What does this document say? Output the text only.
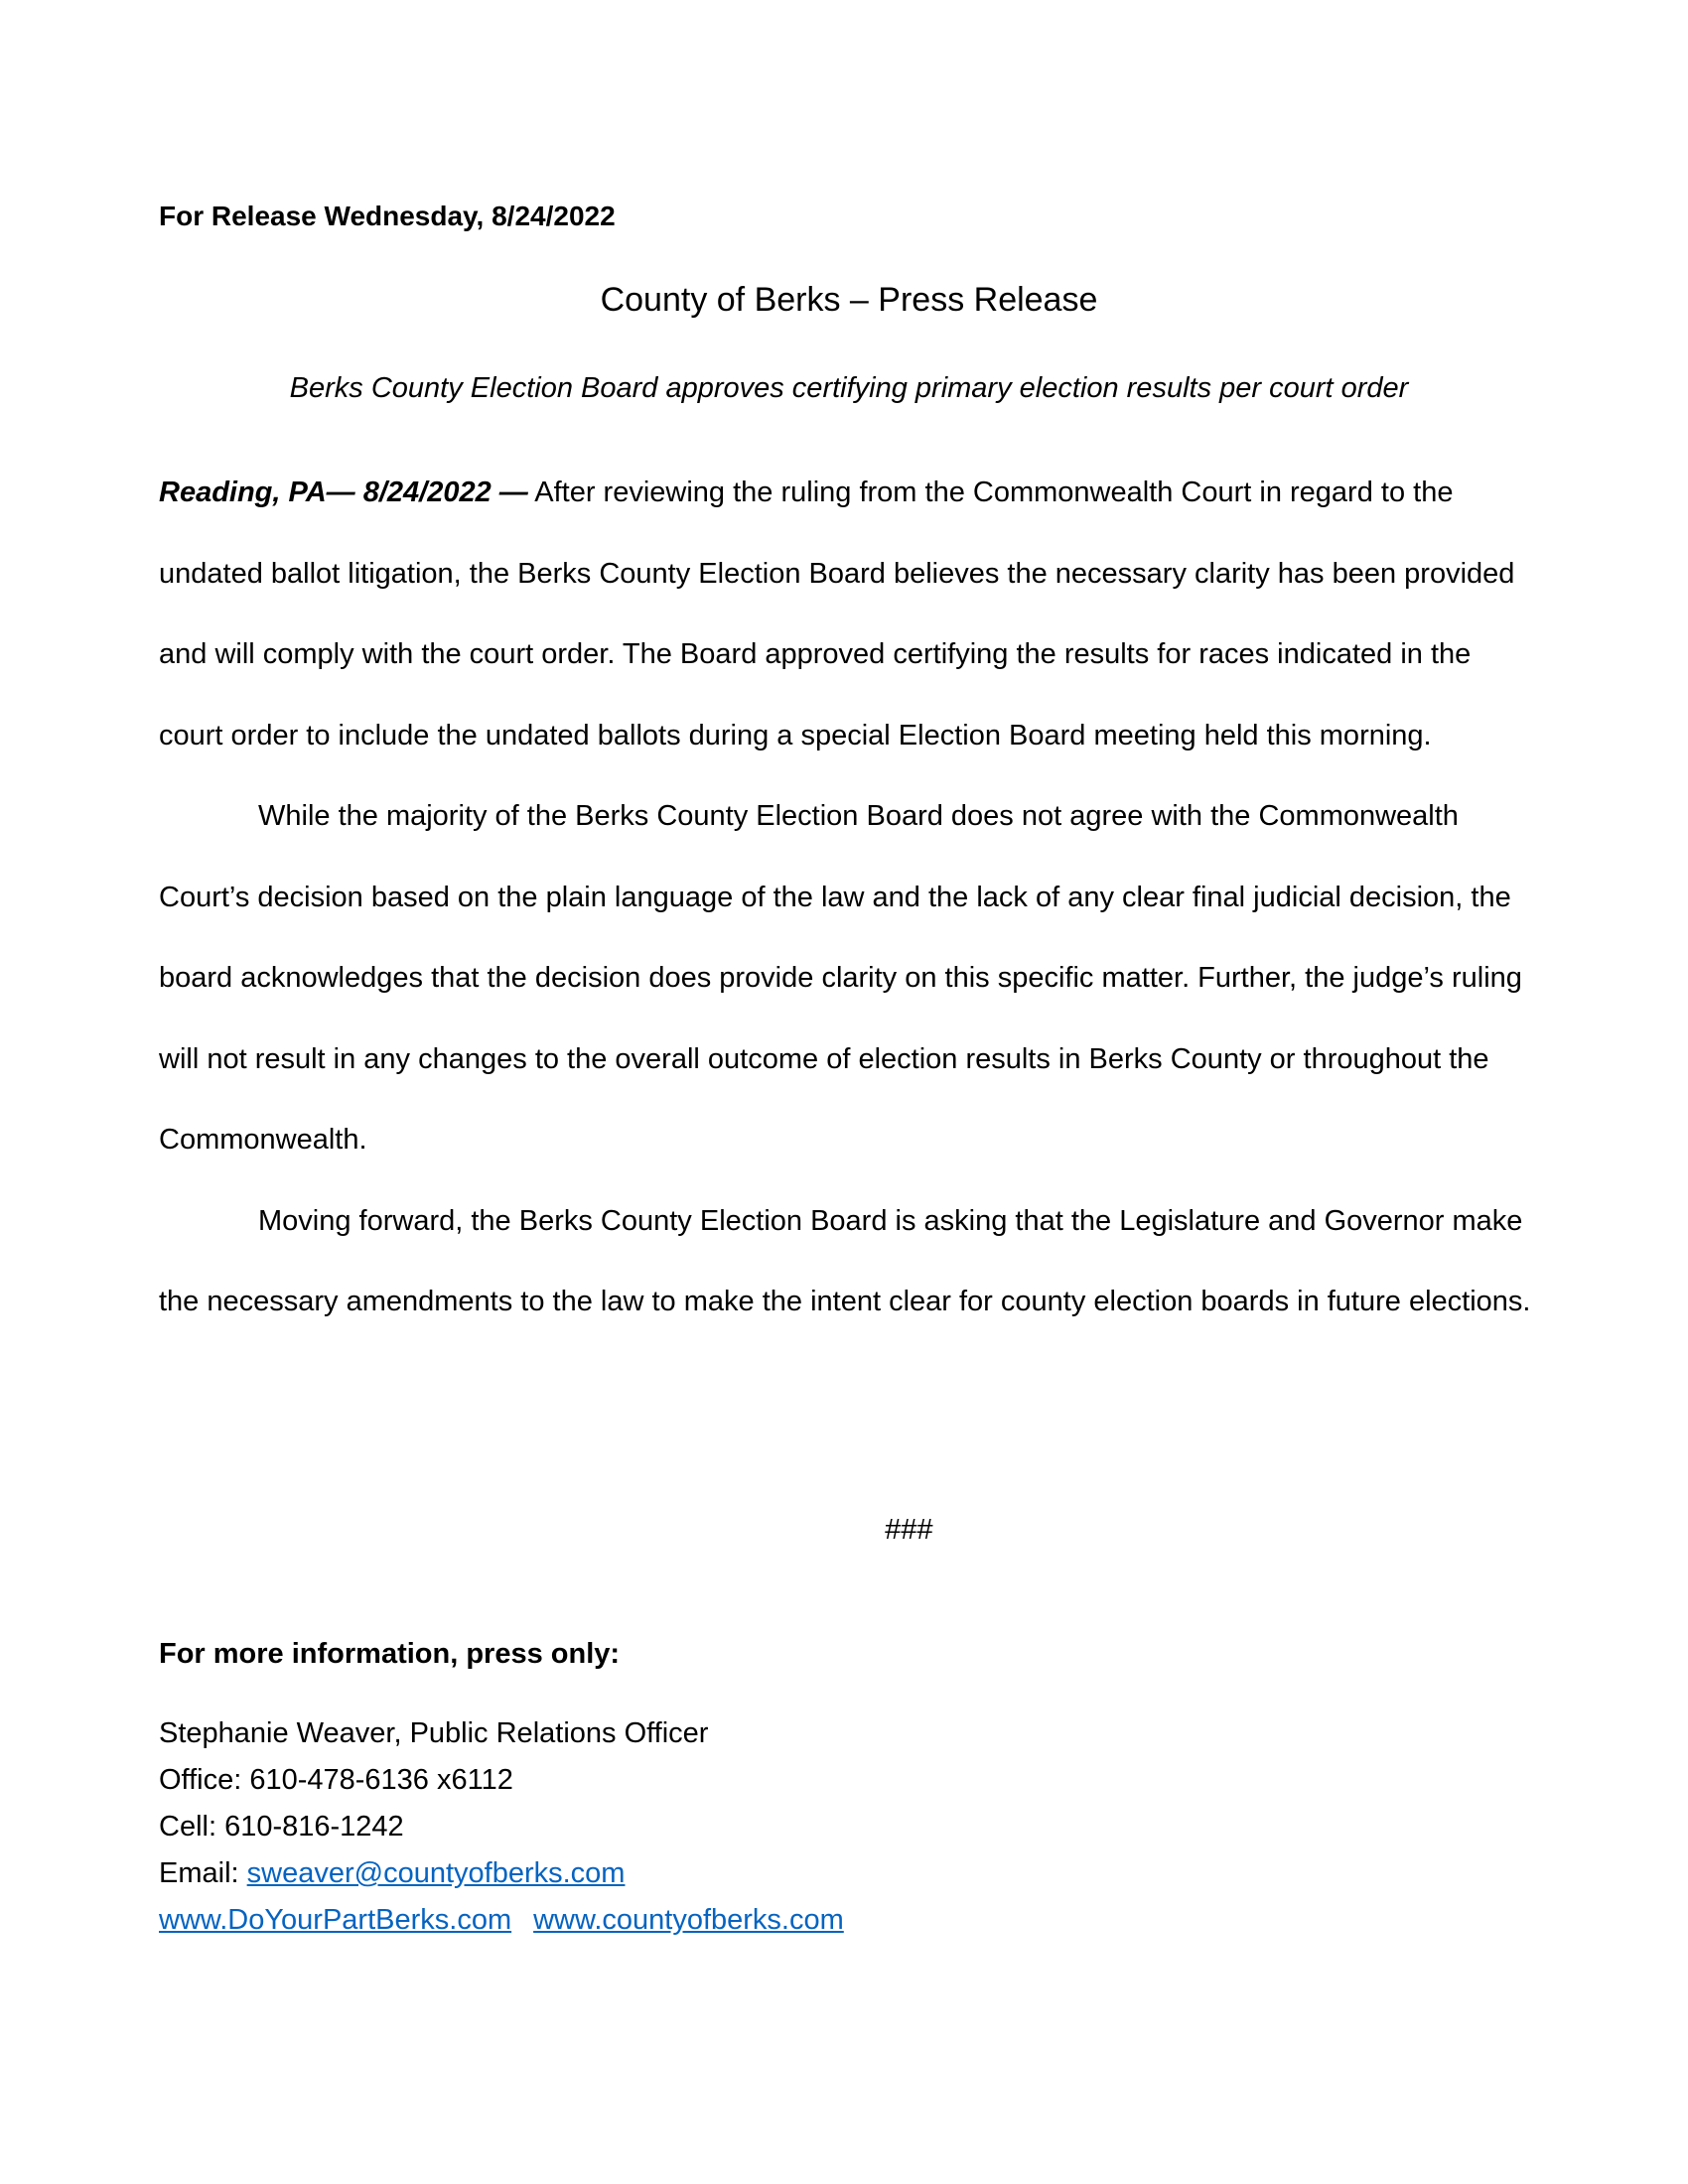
For Release Wednesday, 8/24/2022
County of Berks – Press Release
Berks County Election Board approves certifying primary election results per court order

Reading, PA— 8/24/2022 — After reviewing the ruling from the Commonwealth Court in regard to the undated ballot litigation, the Berks County Election Board believes the necessary clarity has been provided and will comply with the court order. The Board approved certifying the results for races indicated in the court order to include the undated ballots during a special Election Board meeting held this morning.

While the majority of the Berks County Election Board does not agree with the Commonwealth Court’s decision based on the plain language of the law and the lack of any clear final judicial decision, the board acknowledges that the decision does provide clarity on this specific matter. Further, the judge’s ruling will not result in any changes to the overall outcome of election results in Berks County or throughout the Commonwealth.

Moving forward, the Berks County Election Board is asking that the Legislature and Governor make the necessary amendments to the law to make the intent clear for county election boards in future elections.

###
For more information, press only:
Stephanie Weaver, Public Relations Officer
Office: 610-478-6136 x6112
Cell: 610-816-1242
Email: sweaver@countyofberks.com
www.DoYourPartBerks.com www.countyofberks.com
